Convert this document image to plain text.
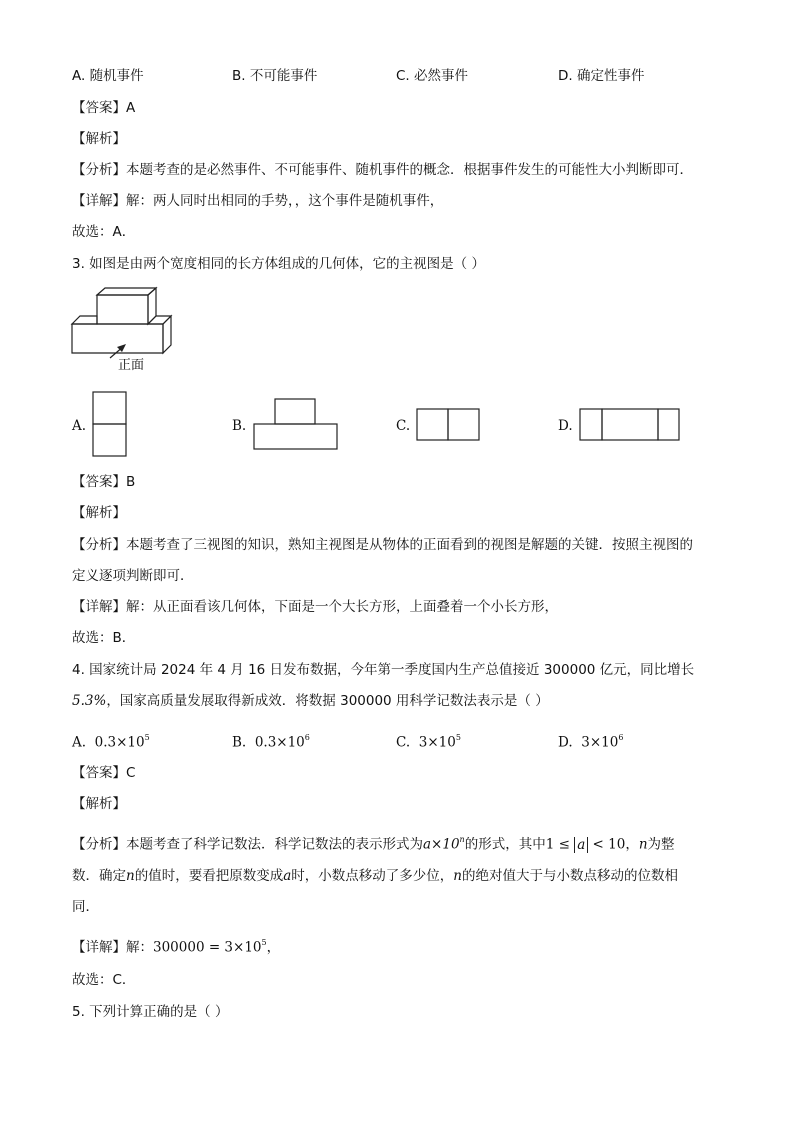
A. 随机事件	B. 不可能事件	C. 必然事件	D. 确定性事件
【答案】A
【解析】
【分析】本题考查的是必然事件、不可能事件、随机事件的概念．根据事件发生的可能性大小判断即可．
【详解】解：两人同时出相同的手势，，这个事件是随机事件，
故选：A．
3. 如图是由两个宽度相同的长方体组成的几何体，它的主视图是（ ）
正面
A.	B.	C.	D.
【答案】B
【解析】
【分析】本题考查了三视图的知识，熟知主视图是从物体的正面看到的视图是解题的关键．按照主视图的
定义逐项判断即可．
【详解】解：从正面看该几何体，下面是一个大长方形，上面叠着一个小长方形，
故选：B．
4. 国家统计局 2024 年 4 月 16 日发布数据，今年第一季度国内生产总值接近 300000 亿元，同比增长
5.3%，国家高质量发展取得新成效．将数据 300000 用科学记数法表示是（ ）
A. $0.3\times 10^5$	B. $0.3\times 10^6$	C. $3\times 10^5$	D. $3\times 10^6$
【答案】C
【解析】
【分析】本题考查了科学记数法．科学记数法的表示形式为$a\times 10^n$的形式，其中1 ≤ a < 10，n为整
数．确定n的值时，要看把原数变成a时，小数点移动了多少位，n的绝对值大于与小数点移动的位数相
同．
【详解】解：$300000 = 3\times 10^5$，
故选：C．
5. 下列计算正确的是（ ）
